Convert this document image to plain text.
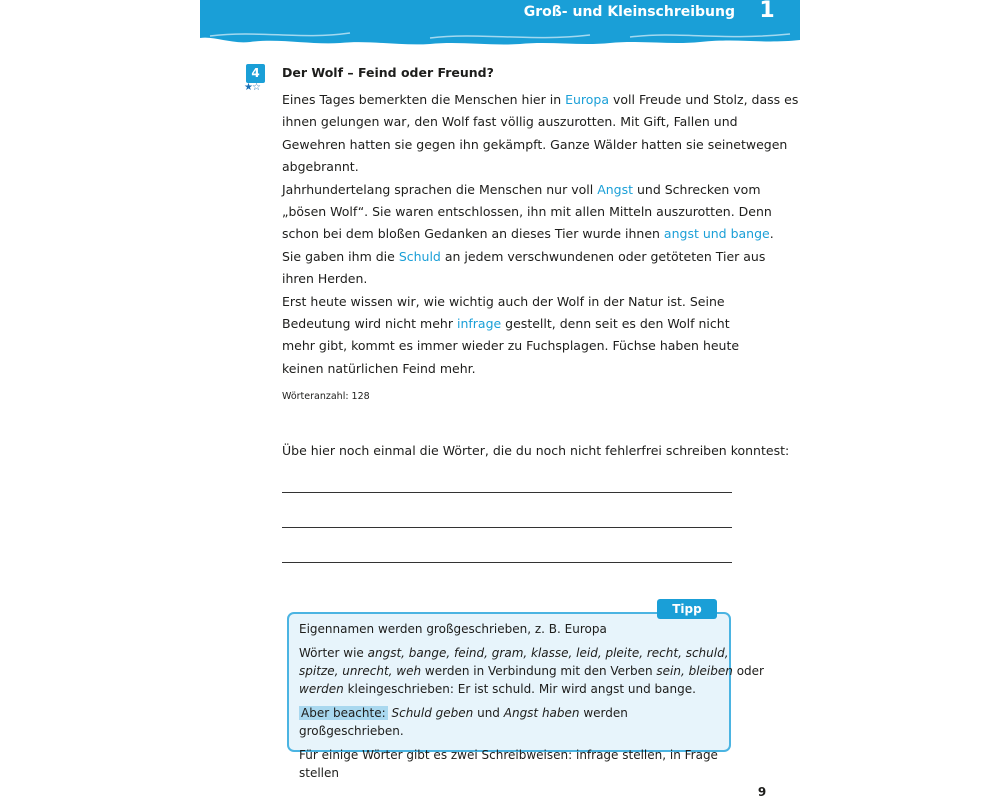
Groß- und Kleinschreibung	1
4
★☆
Der Wolf – Feind oder Freund?
Eines Tages bemerkten die Menschen hier in Europa voll Freude und Stolz, dass es
ihnen gelungen war, den Wolf fast völlig auszurotten. Mit Gift, Fallen und
Gewehren hatten sie gegen ihn gekämpft. Ganze Wälder hatten sie seinetwegen
abgebrannt.
Jahrhundertelang sprachen die Menschen nur voll Angst und Schrecken vom
„bösen Wolf“. Sie waren entschlossen, ihn mit allen Mitteln auszurotten. Denn
schon bei dem bloßen Gedanken an dieses Tier wurde ihnen angst und bange.
Sie gaben ihm die Schuld an jedem verschwundenen oder getöteten Tier aus
ihren Herden.
Erst heute wissen wir, wie wichtig auch der Wolf in der Natur ist. Seine
Bedeutung wird nicht mehr infrage gestellt, denn seit es den Wolf nicht
mehr gibt, kommt es immer wieder zu Fuchsplagen. Füchse haben heute
keinen natürlichen Feind mehr.
Wörteranzahl: 128
Übe hier noch einmal die Wörter, die du noch nicht fehlerfrei schreiben konntest:
Tipp

Eigennamen werden großgeschrieben, z. B. Europa

Wörter wie angst, bange, feind, gram, klasse, leid, pleite, recht, schuld,
spitze, unrecht, weh werden in Verbindung mit den Verben sein, bleiben oder
werden kleingeschrieben: Er ist schuld. Mir wird angst und bange.

Aber beachte: Schuld geben und Angst haben werden großgeschrieben.

Für einige Wörter gibt es zwei Schreibweisen: infrage stellen, in Frage stellen

9
